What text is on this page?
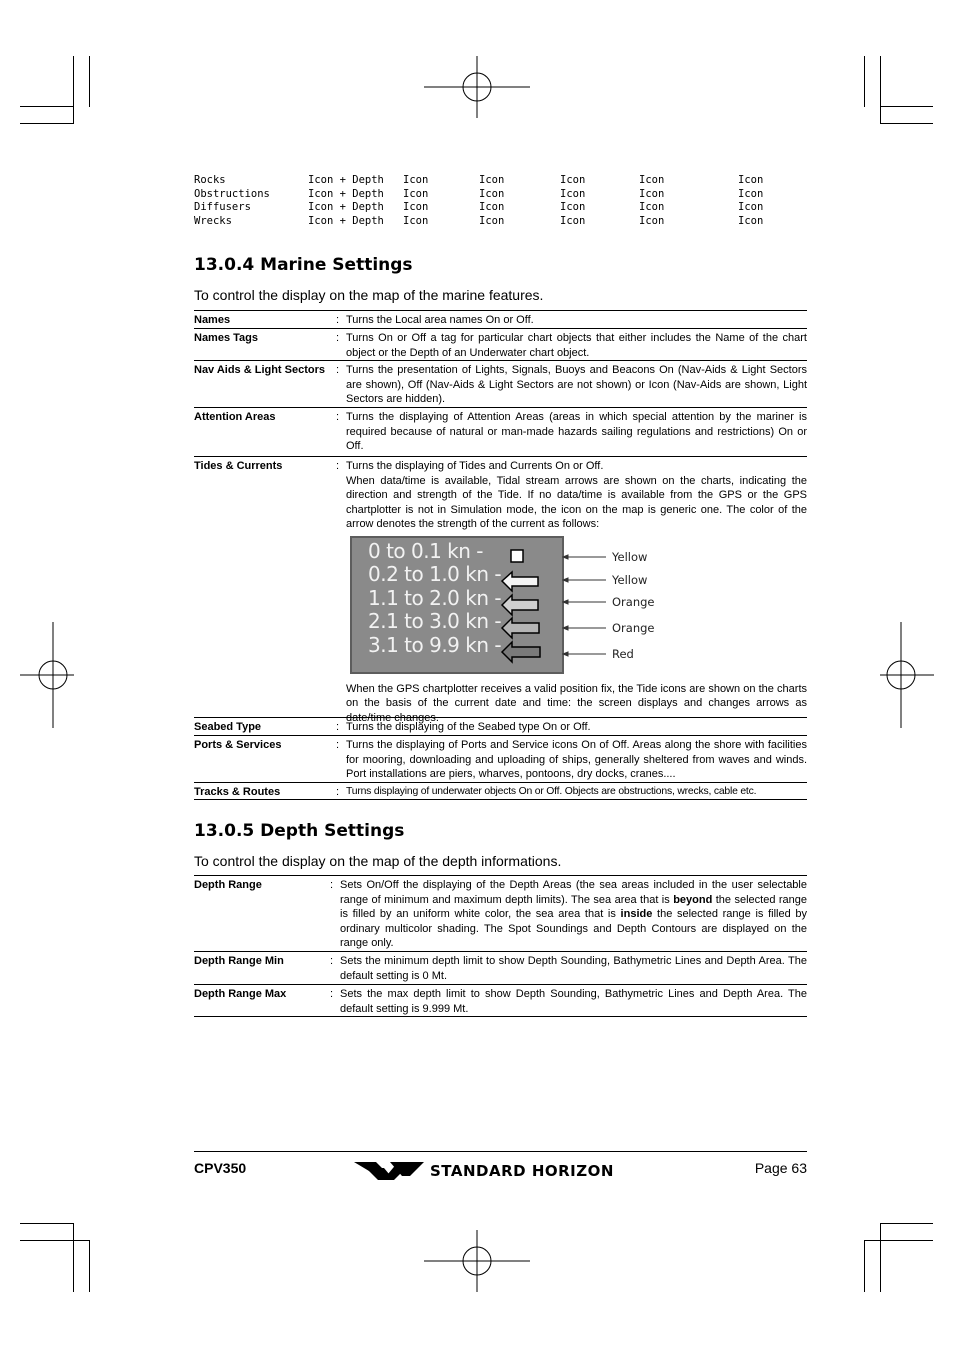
Rocks	Icon + Depth Icon	Icon	Icon	Icon	Icon
Obstructions	Icon + Depth Icon	Icon	Icon	Icon	Icon
Diffusers	Icon + Depth Icon	Icon	Icon	Icon	Icon
Wrecks	Icon + Depth Icon	Icon	Icon	Icon	Icon
13.0.4 Marine Settings

To control the display on the map of the marine features.

Names	: Turns the Local area names On or Off.
Names Tags	: Turns On or Off a tag for particular chart objects that either includes the Name of the chart object or the Depth of an Underwater chart object.
Nav Aids & Light Sectors : Turns the presentation of Lights, Signals, Buoys and Beacons On (Nav-Aids & Light Sectors are shown), Off (Nav-Aids & Light Sectors are not shown) or Icon (Nav-Aids are shown, Light Sectors are hidden).
Attention Areas	: Turns the displaying of Attention Areas (areas in which special attention by the mariner is required because of natural or man-made hazards sailing regulations and restrictions) On or Off.
Tides & Currents	: Turns the displaying of Tides and Currents On or Off.
When data/time is available, Tidal stream arrows are shown on the charts, indicating the direction and strength of the Tide. If no data/time is available from the GPS or the GPS chartplotter is not in Simulation mode, the icon on the map is generic one. The color of the arrow denotes the strength of the current as follows:
0 to 0.1 kn -
0.2 to 1.0 kn -
1.1 to 2.0 kn -
2.1 to 3.0 kn -
3.1 to 9.9 kn -
Yellow
Yellow
Orange
Orange
Red
When the GPS chartplotter receives a valid position fix, the Tide icons are shown on the charts on the basis of the current date and time: the screen displays and changes arrows as date/time changes.
Seabed Type	: Turns the displaying of the Seabed type On or Off.
Ports & Services	: Turns the displaying of Ports and Service icons On of Off. Areas along the shore with facilities for mooring, downloading and uploading of ships, generally sheltered from waves and winds. Port installations are piers, wharves, pontoons, dry docks, cranes....
Tracks & Routes	: Turns displaying of underwater objects On or Off. Objects are obstructions, wrecks, cable etc.
13.0.5 Depth Settings

To control the display on the map of the depth informations.

Depth Range	: Sets On/Off the displaying of the Depth Areas (the sea areas included in the user selectable range of minimum and maximum depth limits). The sea area that is beyond the selected range is filled by an uniform white color, the sea area that is inside the selected range is filled by ordinary multicolor shading. The Spot Soundings and Depth Contours are displayed on the range only.
Depth Range Min	: Sets the minimum depth limit to show Depth Sounding, Bathymetric Lines and Depth Area. The default setting is 0 Mt.
Depth Range Max	: Sets the max depth limit to show Depth Sounding, Bathymetric Lines and Depth Area. The default setting is 9.999 Mt.
CPV350	STANDARD HORIZON	Page 63
